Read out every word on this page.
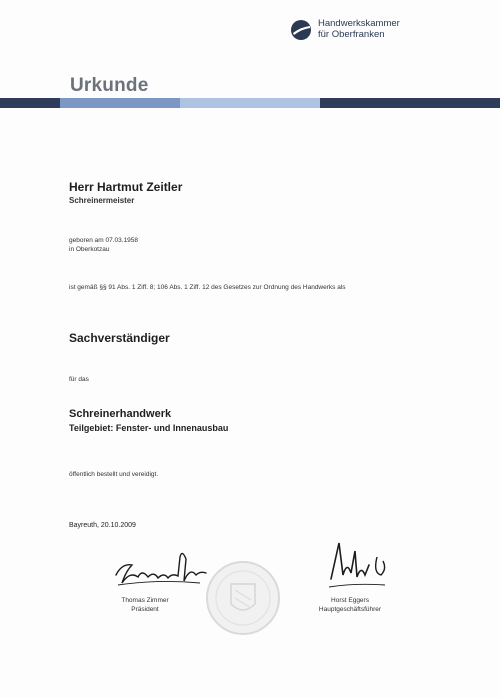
Handwerkskammer
für Oberfranken
Urkunde
Herr Hartmut Zeitler
Schreinermeister
geboren am 07.03.1958
in Oberkotzau
ist gemäß §§ 91 Abs. 1 Ziff. 8; 106 Abs. 1 Ziff. 12 des Gesetzes zur Ordnung des Handwerks als
Sachverständiger
für das
Schreinerhandwerk
Teilgebiet: Fenster- und Innenausbau
öffentlich bestellt und vereidigt.
Bayreuth, 20.10.2009
Thomas Zimmer
Präsident
Horst Eggers
Hauptgeschäftsführer
